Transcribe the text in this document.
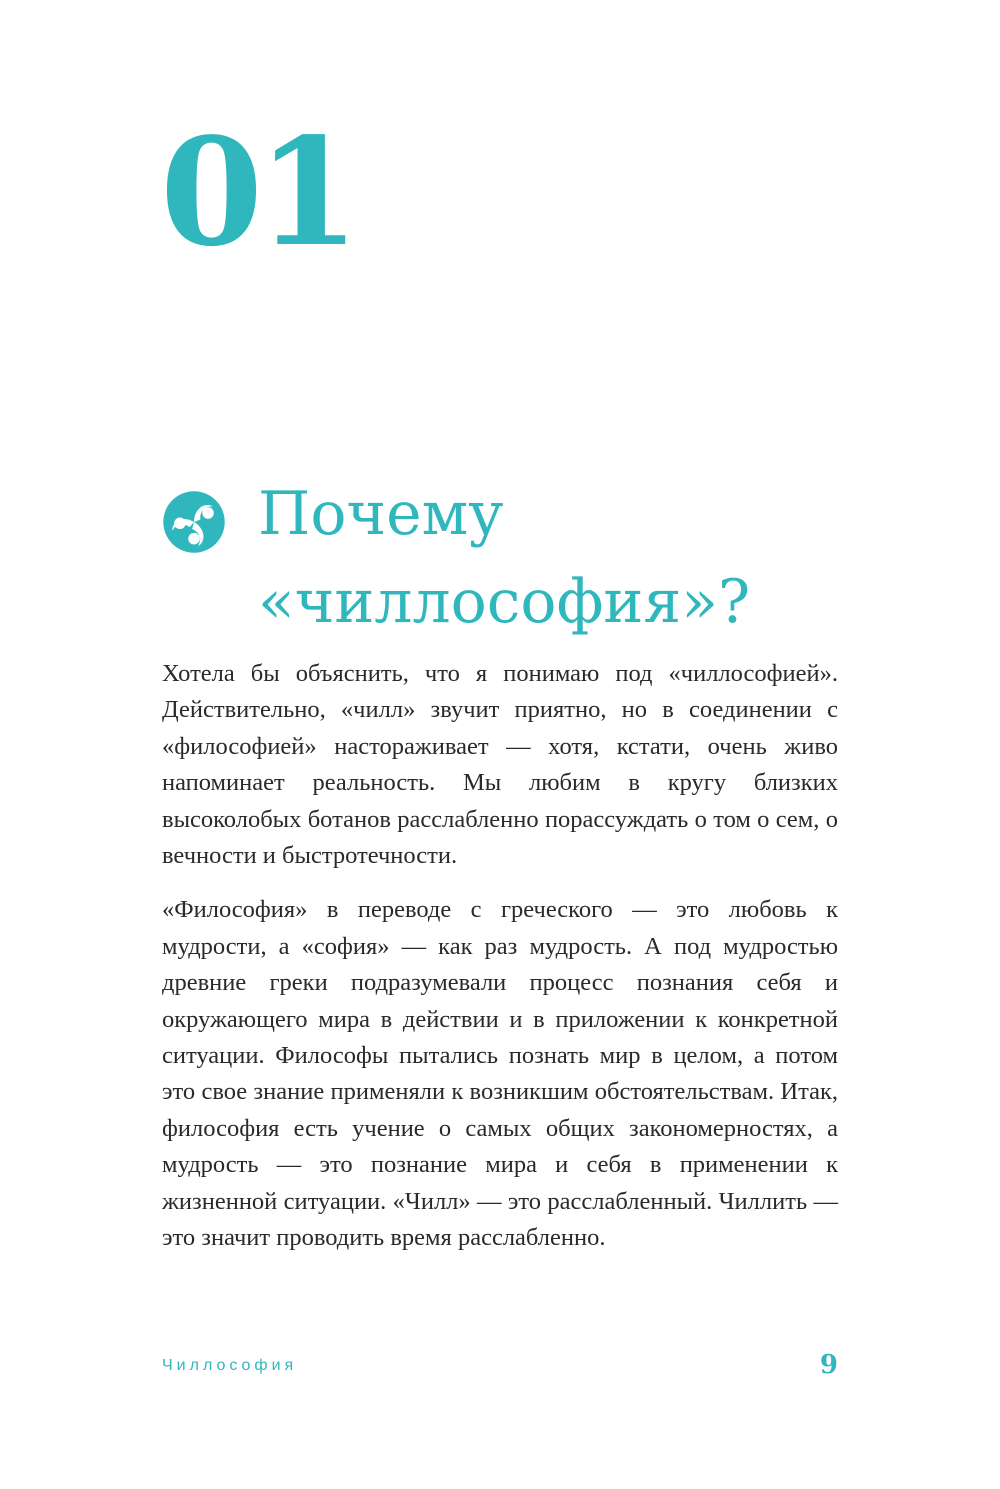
01
Почему «чиллософия»?

Хотела бы объяснить, что я понимаю под «чиллософией». Действительно, «чилл» звучит приятно, но в соединении с «философией» настораживает — хотя, кстати, очень живо напоминает реальность. Мы любим в кругу близких высоколобых ботанов расслабленно порассуждать о том о сем, о вечности и быстротечности.

«Философия» в переводе с греческого — это любовь к мудрости, а «софия» — как раз мудрость. А под мудростью древние греки подразумевали процесс познания себя и окружающего мира в действии и в приложении к конкретной ситуации. Философы пытались познать мир в целом, а потом это свое знание применяли к возникшим обстоятельствам. Итак, философия есть учение о самых общих закономерностях, а мудрость — это познание мира и себя в применении к жизненной ситуации. «Чилл» — это расслабленный. Чиллить — это значит проводить время расслабленно.

Чиллософия	9
